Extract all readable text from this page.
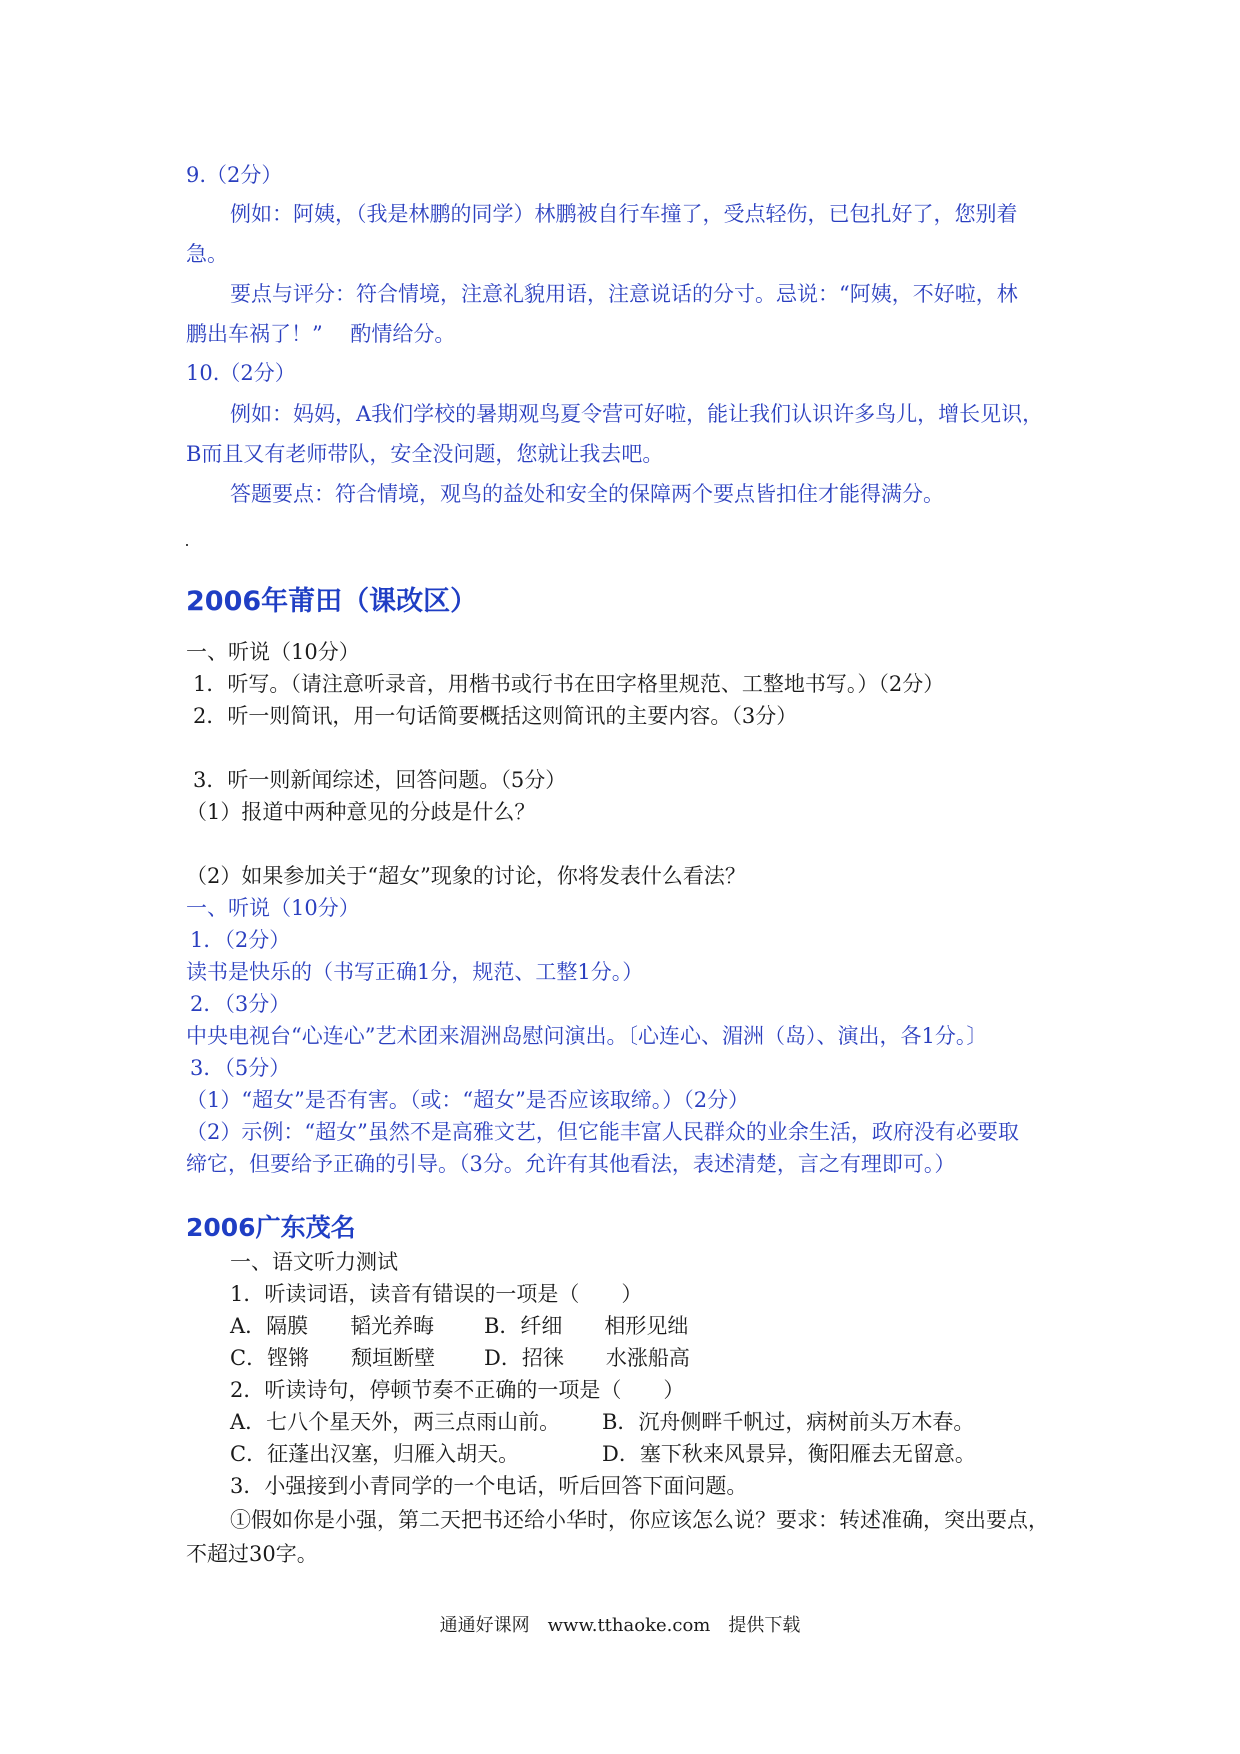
9.（2分）
例如：阿姨，（我是林鹏的同学）林鹏被自行车撞了，受点轻伤，已包扎好了，您别着
急。
要点与评分：符合情境，注意礼貌用语，注意说话的分寸。忌说：“阿姨，不好啦，林
鹏出车祸了！”　 酌情给分。
10.（2分）
例如：妈妈，A我们学校的暑期观鸟夏令营可好啦，能让我们认识许多鸟儿，增长见识，
B而且又有老师带队，安全没问题，您就让我去吧。
答题要点：符合情境，观鸟的益处和安全的保障两个要点皆扣住才能得满分。
2006年莆田（课改区）
一、听说（10分）
1．听写。（请注意听录音，用楷书或行书在田字格里规范、工整地书写。）（2分）
2．听一则简讯，用一句话简要概括这则简讯的主要内容。（3分）
3．听一则新闻综述，回答问题。（5分）
（1）报道中两种意见的分歧是什么？
（2）如果参加关于“超女”现象的讨论，你将发表什么看法？
一、听说（10分）
1．（2分）
读书是快乐的（书写正确1分，规范、工整1分。）
2．（3分）
中央电视台“心连心”艺术团来湄洲岛慰问演出。〔心连心、湄洲（岛）、演出，各1分。〕
3．（5分）
（1）“超女”是否有害。（或：“超女”是否应该取缔。）（2分）
（2）示例：“超女”虽然不是高雅文艺，但它能丰富人民群众的业余生活，政府没有必要取
缔它，但要给予正确的引导。（3分。允许有其他看法，表述清楚，言之有理即可。）
2006广东茂名
一、语文听力测试
1．听读词语，读音有错误的一项是（　　）
A．隔膜　　韬光养晦 B．纤细　　相形见绌
C．铿锵　　颓垣断壁 D．招徕　　水涨船高
2．听读诗句，停顿节奏不正确的一项是（　　）
A．七八个星天外，两三点雨山前。 B．沉舟侧畔千帆过，病树前头万木春。
C．征蓬出汉塞，归雁入胡天。	D．塞下秋来风景异，衡阳雁去无留意。
3．小强接到小青同学的一个电话，听后回答下面问题。
①假如你是小强，第二天把书还给小华时，你应该怎么说？要求：转述准确，突出要点，
不超过30字。
通通好课网　www.tthaoke.com　提供下载
